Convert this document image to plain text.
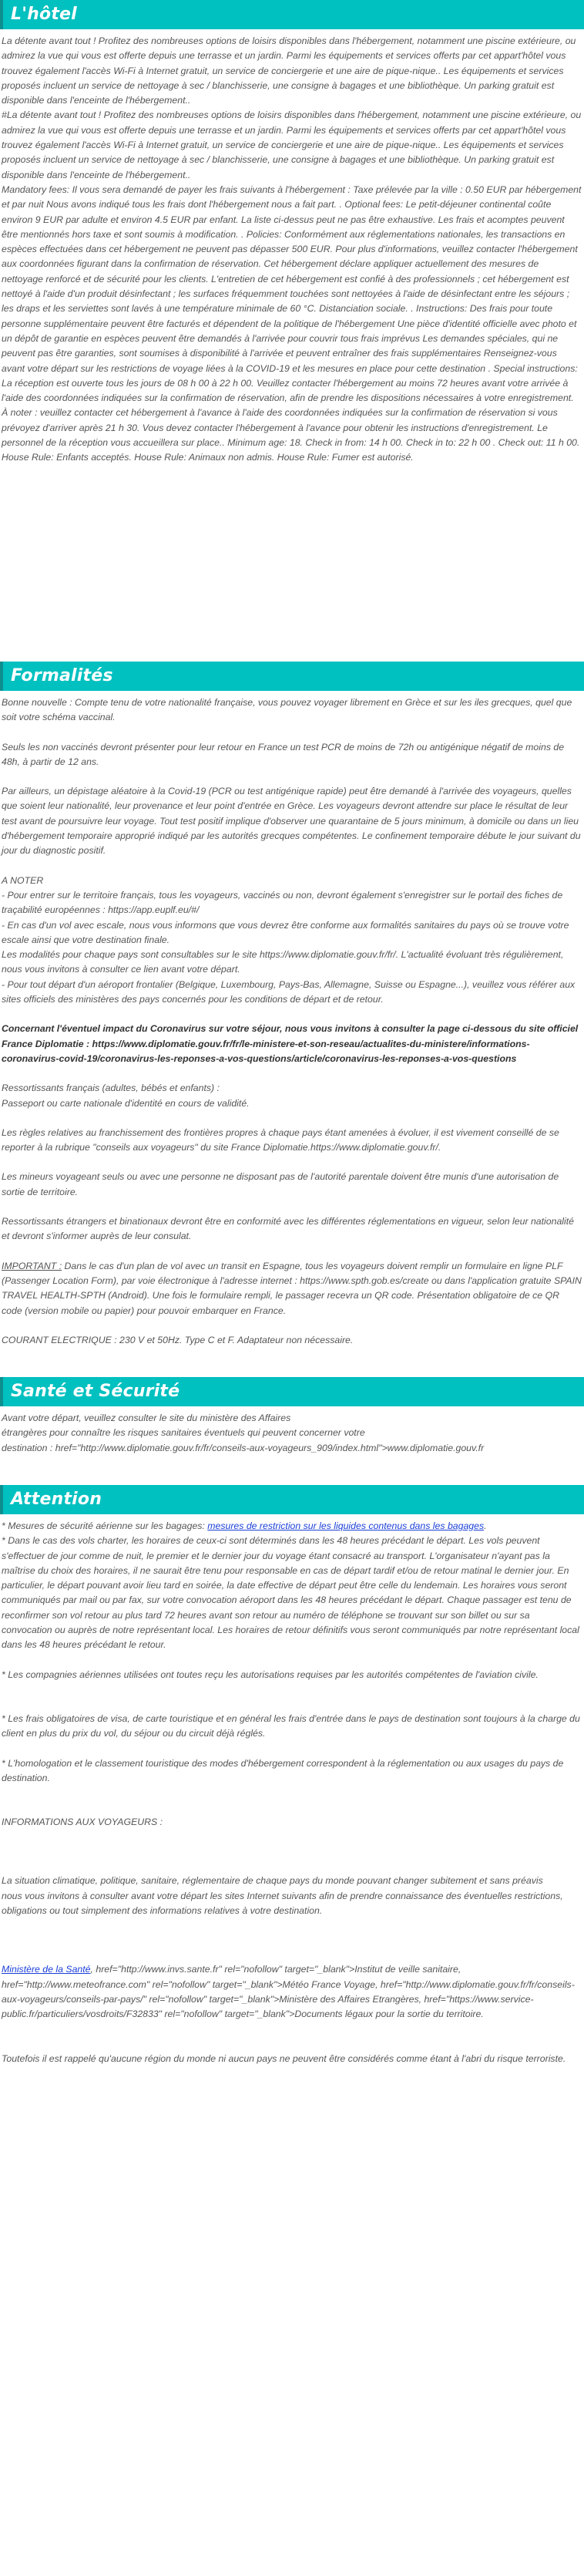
L'hôtel

La détente avant tout ! Profitez des nombreuses options de loisirs disponibles dans l'hébergement, notamment une piscine extérieure, ou admirez la vue qui vous est offerte depuis une terrasse et un jardin. Parmi les équipements et services offerts par cet appart'hôtel vous trouvez également l'accès Wi-Fi à Internet gratuit, un service de conciergerie et une aire de pique-nique.. Les équipements et services proposés incluent un service de nettoyage à sec / blanchisserie, une consigne à bagages et une bibliothèque. Un parking gratuit est disponible dans l'enceinte de l'hébergement..
#La détente avant tout ! Profitez des nombreuses options de loisirs disponibles dans l'hébergement, notamment une piscine extérieure, ou admirez la vue qui vous est offerte depuis une terrasse et un jardin. Parmi les équipements et services offerts par cet appart'hôtel vous trouvez également l'accès Wi-Fi à Internet gratuit, un service de conciergerie et une aire de pique-nique.. Les équipements et services proposés incluent un service de nettoyage à sec / blanchisserie, une consigne à bagages et une bibliothèque. Un parking gratuit est disponible dans l'enceinte de l'hébergement..
Mandatory fees: Il vous sera demandé de payer les frais suivants à l'hébergement : Taxe prélevée par la ville : 0.50 EUR par hébergement et par nuit Nous avons indiqué tous les frais dont l'hébergement nous a fait part. . Optional fees: Le petit-déjeuner continental coûte environ 9 EUR par adulte et environ 4.5 EUR par enfant. La liste ci-dessus peut ne pas être exhaustive. Les frais et acomptes peuvent être mentionnés hors taxe et sont soumis à modification. . Policies: Conformément aux réglementations nationales, les transactions en espèces effectuées dans cet hébergement ne peuvent pas dépasser 500 EUR. Pour plus d'informations, veuillez contacter l'hébergement aux coordonnées figurant dans la confirmation de réservation. Cet hébergement déclare appliquer actuellement des mesures de nettoyage renforcé et de sécurité pour les clients. L'entretien de cet hébergement est confié à des professionnels ; cet hébergement est nettoyé à l'aide d'un produit désinfectant ; les surfaces fréquemment touchées sont nettoyées à l'aide de désinfectant entre les séjours ; les draps et les serviettes sont lavés à une température minimale de 60 °C. Distanciation sociale. . Instructions: Des frais pour toute personne supplémentaire peuvent être facturés et dépendent de la politique de l'hébergement Une pièce d'identité officielle avec photo et un dépôt de garantie en espèces peuvent être demandés à l'arrivée pour couvrir tous frais imprévus Les demandes spéciales, qui ne peuvent pas être garanties, sont soumises à disponibilité à l'arrivée et peuvent entraîner des frais supplémentaires Renseignez-vous avant votre départ sur les restrictions de voyage liées à la COVID-19 et les mesures en place pour cette destination . Special instructions: La réception est ouverte tous les jours de 08 h 00 à 22 h 00. Veuillez contacter l'hébergement au moins 72 heures avant votre arrivée à l'aide des coordonnées indiquées sur la confirmation de réservation, afin de prendre les dispositions nécessaires à votre enregistrement. À noter : veuillez contacter cet hébergement à l'avance à l'aide des coordonnées indiquées sur la confirmation de réservation si vous prévoyez d'arriver après 21 h 30. Vous devez contacter l'hébergement à l'avance pour obtenir les instructions d'enregistrement. Le personnel de la réception vous accueillera sur place.. Minimum age: 18. Check in from: 14 h 00. Check in to: 22 h 00 . Check out: 11 h 00. House Rule: Enfants acceptés. House Rule: Animaux non admis. House Rule: Fumer est autorisé.

Formalités

Bonne nouvelle : Compte tenu de votre nationalité française, vous pouvez voyager librement en Grèce et sur les iles grecques, quel que soit votre schéma vaccinal.

Seuls les non vaccinés devront présenter pour leur retour en France un test PCR de moins de 72h ou antigénique négatif de moins de 48h, à partir de 12 ans.

Par ailleurs, un dépistage aléatoire à la Covid-19 (PCR ou test antigénique rapide) peut être demandé à l'arrivée des voyageurs, quelles que soient leur nationalité, leur provenance et leur point d'entrée en Grèce. Les voyageurs devront attendre sur place le résultat de leur test avant de poursuivre leur voyage. Tout test positif implique d'observer une quarantaine de 5 jours minimum, à domicile ou dans un lieu d'hébergement temporaire approprié indiqué par les autorités grecques compétentes. Le confinement temporaire débute le jour suivant du jour du diagnostic positif.

A NOTER

- Pour entrer sur le territoire français, tous les voyageurs, vaccinés ou non, devront également s'enregistrer sur le portail des fiches de traçabilité européennes : https://app.euplf.eu/#/

- En cas d'un vol avec escale, nous vous informons que vous devrez être conforme aux formalités sanitaires du pays où se trouve votre escale ainsi que votre destination finale.

Les modalités pour chaque pays sont consultables sur le site https://www.diplomatie.gouv.fr/fr/. L'actualité évoluant très régulièrement, nous vous invitons à consulter ce lien avant votre départ.

- Pour tout départ d'un aéroport frontalier (Belgique, Luxembourg, Pays-Bas, Allemagne, Suisse ou Espagne...), veuillez vous référer aux sites officiels des ministères des pays concernés pour les conditions de départ et de retour.

Concernant l'éventuel impact du Coronavirus sur votre séjour, nous vous invitons à consulter la page ci-dessous du site officiel France Diplomatie : https://www.diplomatie.gouv.fr/fr/le-ministere-et-son-reseau/actualites-du-ministere/informations-coronavirus-covid-19/coronavirus-les-reponses-a-vos-questions/article/coronavirus-les-reponses-a-vos-questions

Ressortissants français (adultes, bébés et enfants) :

Passeport ou carte nationale d'identité en cours de validité.

Les règles relatives au franchissement des frontières propres à chaque pays étant amenées à évoluer, il est vivement conseillé de se reporter à la rubrique "conseils aux voyageurs" du site France Diplomatie.https://www.diplomatie.gouv.fr/.

Les mineurs voyageant seuls ou avec une personne ne disposant pas de l'autorité parentale doivent être munis d'une autorisation de sortie de territoire.

Ressortissants étrangers et binationaux devront être en conformité avec les différentes réglementations en vigueur, selon leur nationalité et devront s'informer auprès de leur consulat.

IMPORTANT : Dans le cas d'un plan de vol avec un transit en Espagne, tous les voyageurs doivent remplir un formulaire en ligne PLF (Passenger Location Form), par voie électronique à l'adresse internet : https://www.spth.gob.es/create ou dans l'application gratuite SPAIN TRAVEL HEALTH-SPTH (Android). Une fois le formulaire rempli, le passager recevra un QR code. Présentation obligatoire de ce QR code (version mobile ou papier) pour pouvoir embarquer en France.

COURANT ELECTRIQUE : 230 V et 50Hz. Type C et F. Adaptateur non nécessaire.

Santé et Sécurité

Avant votre départ, veuillez consulter le site du ministère des Affaires
étrangères pour connaître les risques sanitaires éventuels qui peuvent concerner votre
destination : href="http://www.diplomatie.gouv.fr/fr/conseils-aux-voyageurs_909/index.html">www.diplomatie.gouv.fr

Attention

* Mesures de sécurité aérienne sur les bagages: mesures de restriction sur les liquides contenus dans les bagages.

* Dans le cas des vols charter, les horaires de ceux-ci sont déterminés dans les 48 heures précédant le départ. Les vols peuvent s'effectuer de jour comme de nuit, le premier et le dernier jour du voyage étant consacré au transport. L'organisateur n'ayant pas la maîtrise du choix des horaires, il ne saurait être tenu pour responsable en cas de départ tardif et/ou de retour matinal le dernier jour. En particulier, le départ pouvant avoir lieu tard en soirée, la date effective de départ peut être celle du lendemain. Les horaires vous seront communiqués par mail ou par fax, sur votre convocation aéroport dans les 48 heures précédant le départ. Chaque passager est tenu de reconfirmer son vol retour au plus tard 72 heures avant son retour au numéro de téléphone se trouvant sur son billet ou sur sa convocation ou auprès de notre représentant local. Les horaires de retour définitifs vous seront communiqués par notre représentant local dans les 48 heures précédant le retour.

* Les compagnies aériennes utilisées ont toutes reçu les autorisations requises par les autorités compétentes de l'aviation civile.

* Les frais obligatoires de visa, de carte touristique et en général les frais d'entrée dans le pays de destination sont toujours à la charge du client en plus du prix du vol, du séjour ou du circuit déjà réglés.

* L'homologation et le classement touristique des modes d'hébergement correspondent à la réglementation ou aux usages du pays de destination.

INFORMATIONS AUX VOYAGEURS :

La situation climatique, politique, sanitaire, réglementaire de chaque pays du monde pouvant changer subitement et sans préavis
nous vous invitons à consulter avant votre départ les sites Internet suivants afin de prendre connaissance des éventuelles restrictions, obligations ou tout simplement des informations relatives à votre destination.

Ministère de la Santé, href="http://www.invs.sante.fr" rel="nofollow" target="_blank">Institut de veille sanitaire, href="http://www.meteofrance.com" rel="nofollow" target="_blank">Météo France Voyage, href="http://www.diplomatie.gouv.fr/fr/conseils-aux-voyageurs/conseils-par-pays/" rel="nofollow" target="_blank">Ministère des Affaires Etrangères, href="https://www.service-public.fr/particuliers/vosdroits/F32833" rel="nofollow" target="_blank">Documents légaux pour la sortie du territoire.

Toutefois il est rappelé qu'aucune région du monde ni aucun pays ne peuvent être considérés comme étant à l'abri du risque terroriste.
